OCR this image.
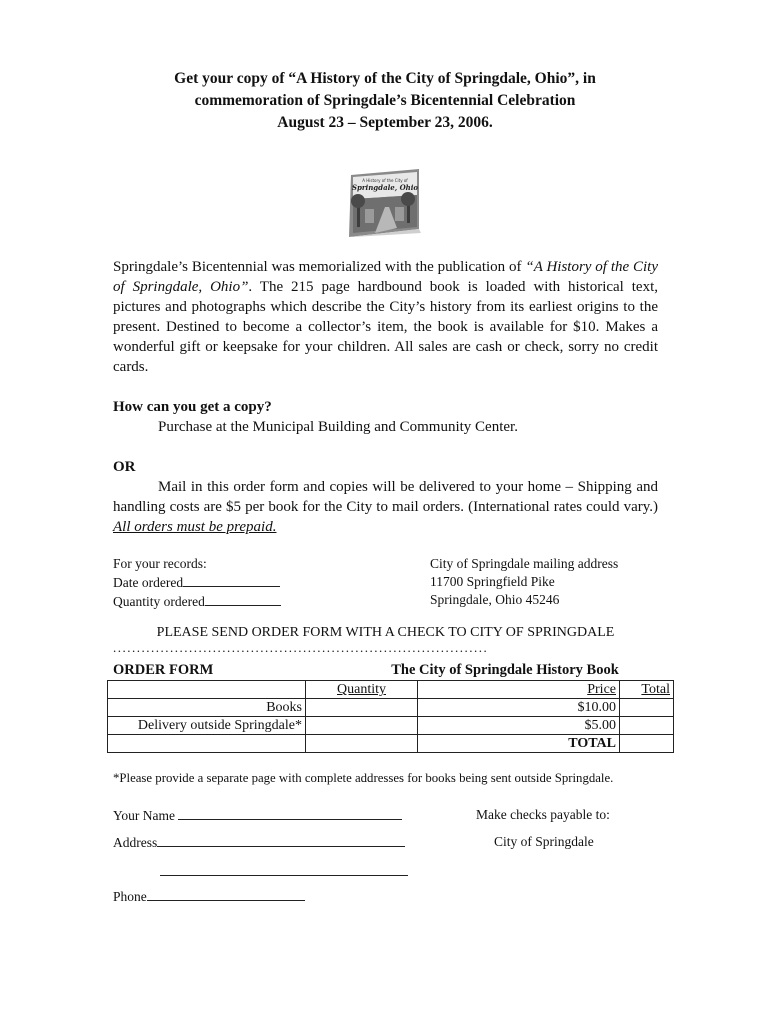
Get your copy of “A History of the City of Springdale, Ohio”, in
commemoration of Springdale’s Bicentennial Celebration
August 23 – September 23, 2006.
A History of the City of
Springdale, Ohio
Springdale’s Bicentennial was memorialized with the publication of “A History of the City of Springdale, Ohio”. The 215 page hardbound book is loaded with historical text, pictures and photographs which describe the City’s history from its earliest origins to the present. Destined to become a collector’s item, the book is available for $10. Makes a wonderful gift or keepsake for your children. All sales are cash or check, sorry no credit cards.
How can you get a copy?
Purchase at the Municipal Building and Community Center.
OR
Mail in this order form and copies will be delivered to your home – Shipping and handling costs are $5 per book for the City to mail orders. (International rates could vary.) All orders must be prepaid.
For your records:
Date ordered
Quantity ordered
City of Springdale mailing address
11700 Springfield Pike
Springdale, Ohio 45246
PLEASE SEND ORDER FORM WITH A CHECK TO CITY OF SPRINGDALE
...............................................................................
ORDER FORM	The City of Springdale History Book
	Quantity	Price	Total
Books		$10.00	
Delivery outside Springdale*		$5.00	
		TOTAL	
*Please provide a separate page with complete addresses for books being sent outside Springdale.
Your Name
Address
Phone
Make checks payable to:
City of Springdale
